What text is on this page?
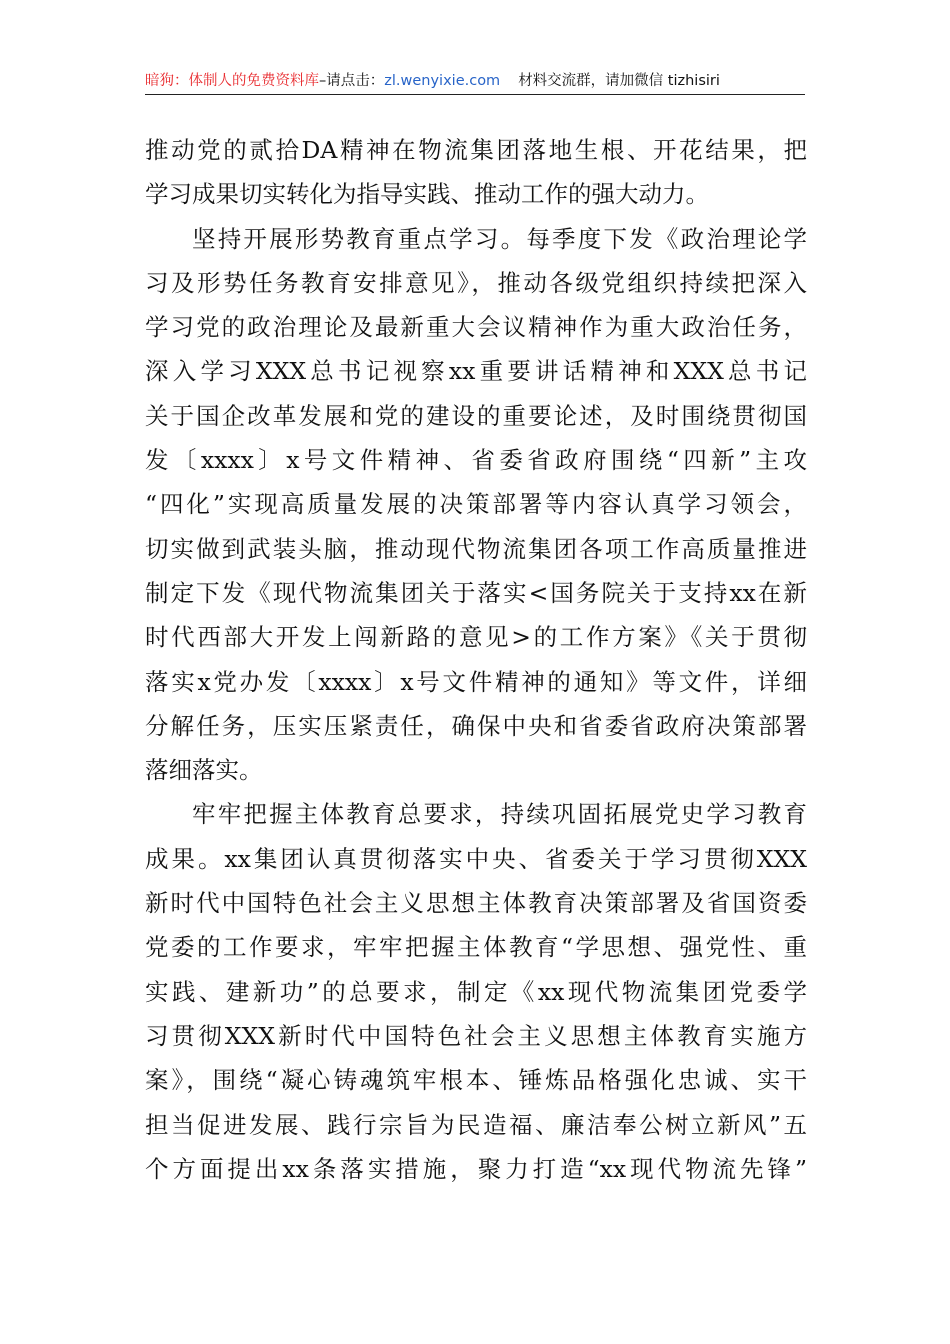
暗狗：体制人的免费资料库–请点击：zl.wenyixie.com 材料交流群，请加微信 tizhisiri
推动党的贰拾DA精神在物流集团落地生根、开花结果，把
学习成果切实转化为指导实践、推动工作的强大动力。
坚持开展形势教育重点学习。每季度下发《政治理论学
习及形势任务教育安排意见》，推动各级党组织持续把深入
学习党的政治理论及最新重大会议精神作为重大政治任务，
深入学习XXX总书记视察xx重要讲话精神和XXX总书记
关于国企改革发展和党的建设的重要论述，及时围绕贯彻国
发〔xxxx〕x号文件精神、省委省政府围绕“四新”主攻
“四化”实现高质量发展的决策部署等内容认真学习领会，
切实做到武装头脑，推动现代物流集团各项工作高质量推进
制定下发《现代物流集团关于落实<国务院关于支持xx在新
时代西部大开发上闯新路的意见>的工作方案》《关于贯彻
落实x党办发〔xxxx〕x号文件精神的通知》等文件，详细
分解任务，压实压紧责任，确保中央和省委省政府决策部署
落细落实。
牢牢把握主体教育总要求，持续巩固拓展党史学习教育
成果。xx集团认真贯彻落实中央、省委关于学习贯彻XXX
新时代中国特色社会主义思想主体教育决策部署及省国资委
党委的工作要求，牢牢把握主体教育“学思想、强党性、重
实践、建新功”的总要求，制定《xx现代物流集团党委学
习贯彻XXX新时代中国特色社会主义思想主体教育实施方
案》，围绕“凝心铸魂筑牢根本、锤炼品格强化忠诚、实干
担当促进发展、践行宗旨为民造福、廉洁奉公树立新风”五
个方面提出xx条落实措施，聚力打造“xx现代物流先锋”
